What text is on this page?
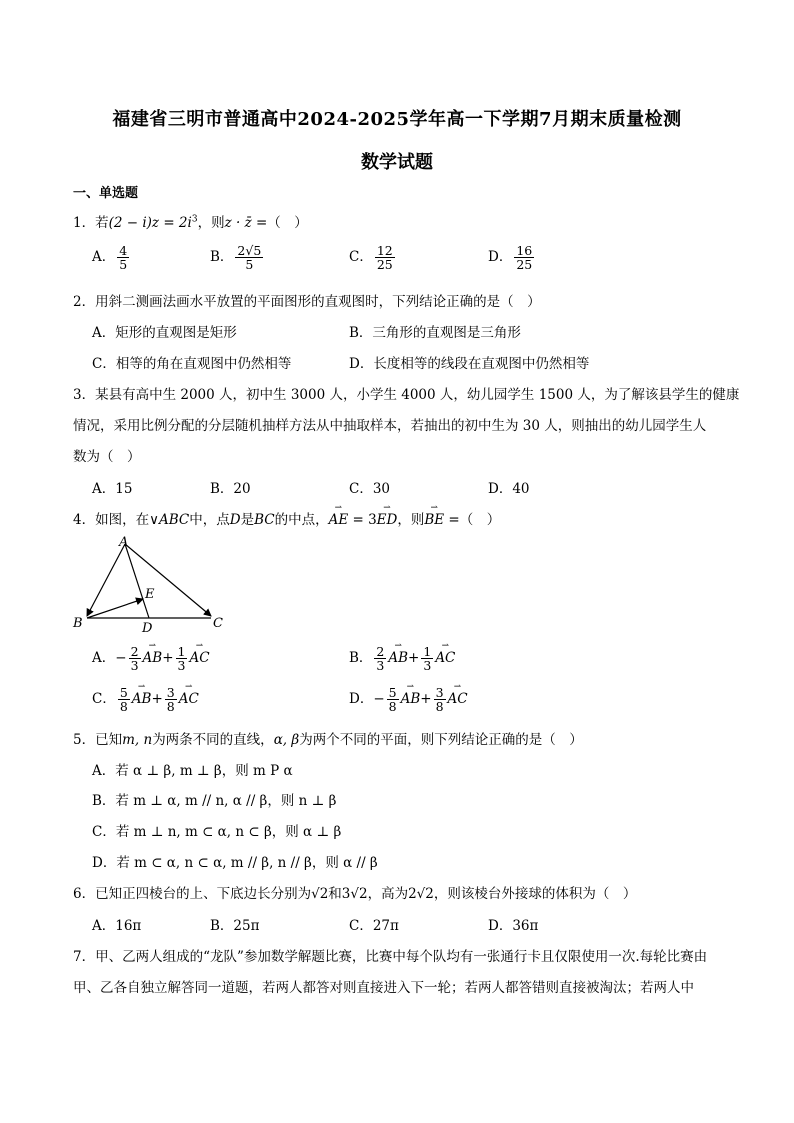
福建省三明市普通高中2024-2025学年高一下学期7月期末质量检测
数学试题
一、单选题
1．若$(2 - i)z = 2i^3$，则z · z̄ =（　）
A． $\frac{4}{5}$	B． $\frac{2√5}{5}$	C． $\frac{12}{25}$	D． $\frac{16}{25}$
2．用斜二测画法画水平放置的平面图形的直观图时，下列结论正确的是（　）
A．矩形的直观图是矩形	B．三角形的直观图是三角形
C．相等的角在直观图中仍然相等	D．长度相等的线段在直观图中仍然相等
3．某县有高中生 2000 人，初中生 3000 人，小学生 4000 人，幼儿园学生 1500 人，为了解该县学生的健康
情况，采用比例分配的分层随机抽样方法从中抽取样本，若抽出的初中生为 30 人，则抽出的幼儿园学生人
数为（　）
A．15	B．20	C．30	D．40
4．如图，在∨ABC中，点D是BC的中点，⇀ AE = 3⇀ ED，则⇀ BE =（　）
A
B	C
D
E
A．− $\frac{2}{3}$ ⇀ $AB+ \frac{1}{3}$ ⇀ AC	B． $\frac{2}{3}$ ⇀ $AB+ \frac{1}{3}$ ⇀ AC
C． $\frac{5}{8}$ ⇀ $AB+ \frac{3}{8}$ ⇀ AC	D．− $\frac{5}{8}$ ⇀ $AB+ \frac{3}{8}$ ⇀ AC
5．已知m, n为两条不同的直线，α, β为两个不同的平面，则下列结论正确的是（　）
A．若 α ⊥ β, m ⊥ β，则 m P α
B．若 m ⊥ α, m // n, α // β，则 n ⊥ β
C．若 m ⊥ n, m ⊂ α, n ⊂ β，则 α ⊥ β
D．若 m ⊂ α, n ⊂ α, m // β, n // β，则 α // β
6．已知正四棱台的上、下底边长分别为√2和3√2，高为2√2，则该棱台外接球的体积为（　）
A．16π	B．25π	C．27π	D．36π
7．甲、乙两人组成的“龙队”参加数学解题比赛，比赛中每个队均有一张通行卡且仅限使用一次.每轮比赛由
甲、乙各自独立解答同一道题，若两人都答对则直接进入下一轮；若两人都答错则直接被淘汰；若两人中
